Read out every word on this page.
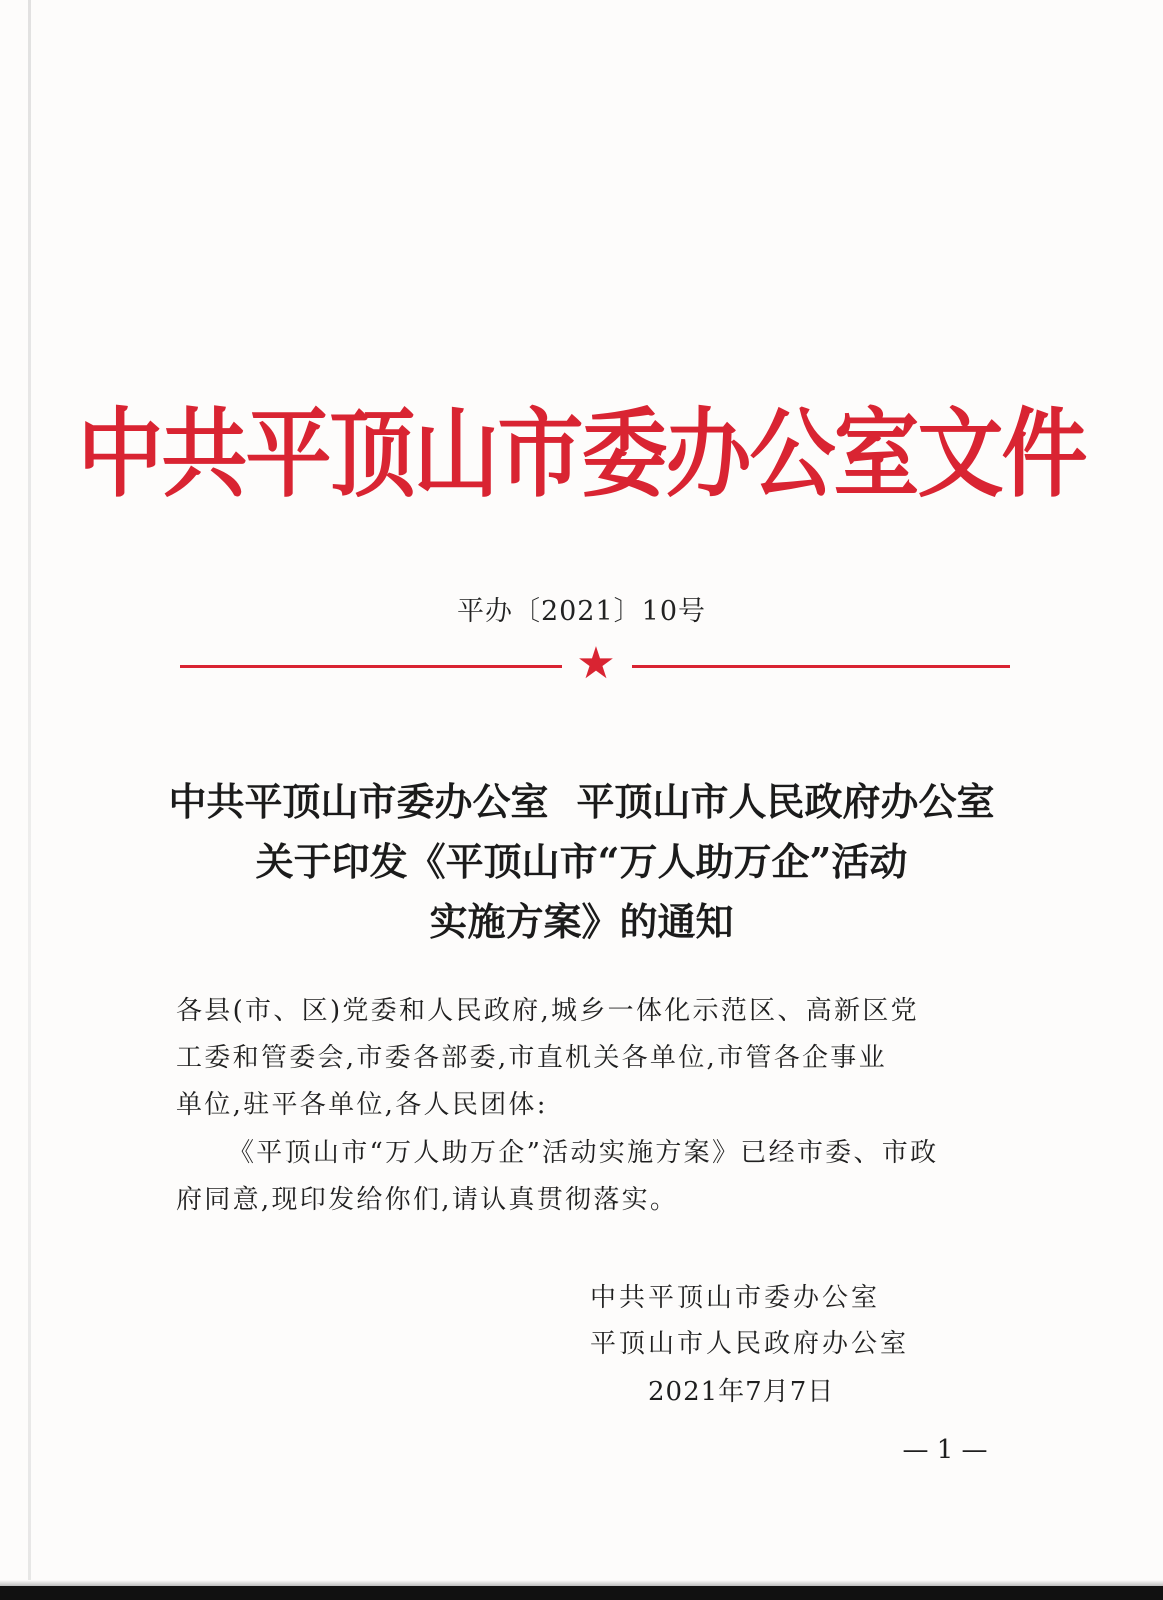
中共平顶山市委办公室文件
平办〔2021〕10号
★
中共平顶山市委办公室 平顶山市人民政府办公室
关于印发《平顶山市“万人助万企”活动
实施方案》的通知
各县(市、区)党委和人民政府,城乡一体化示范区、高新区党
工委和管委会,市委各部委,市直机关各单位,市管各企事业
单位,驻平各单位,各人民团体:
《平顶山市“万人助万企”活动实施方案》已经市委、市政
府同意,现印发给你们,请认真贯彻落实。
中共平顶山市委办公室
平顶山市人民政府办公室
2021年7月7日
— 1 —
